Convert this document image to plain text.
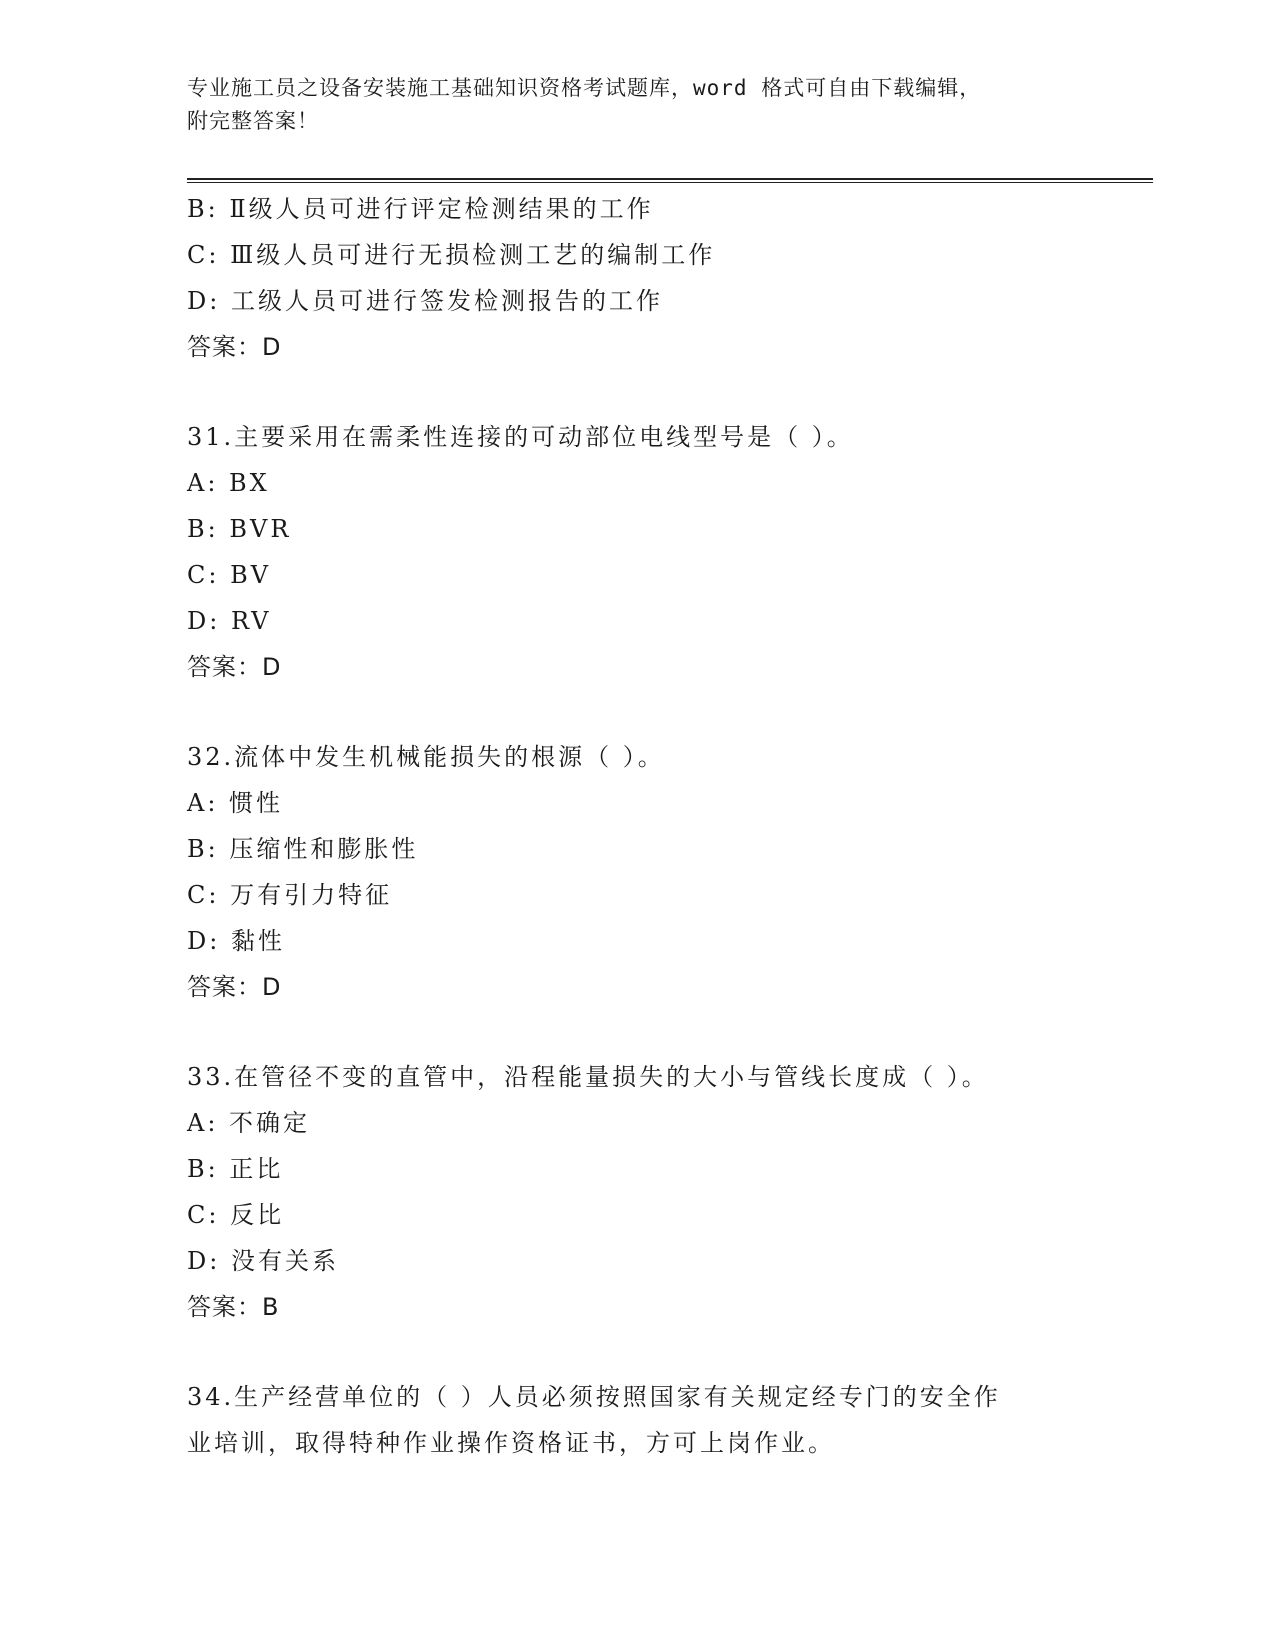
专业施工员之设备安装施工基础知识资格考试题库，word 格式可自由下载编辑，
附完整答案！
B: Ⅱ级人员可进行评定检测结果的工作
C: Ⅲ级人员可进行无损检测工艺的编制工作
D: 工级人员可进行签发检测报告的工作
答案：D
31.主要采用在需柔性连接的可动部位电线型号是（ ）。
A: BX
B: BVR
C: BV
D: RV
答案：D
32.流体中发生机械能损失的根源（ ）。
A: 惯性
B: 压缩性和膨胀性
C: 万有引力特征
D: 黏性
答案：D
33.在管径不变的直管中，沿程能量损失的大小与管线长度成（ ）。
A: 不确定
B: 正比
C: 反比
D: 没有关系
答案：B
34.生产经营单位的（ ）人员必须按照国家有关规定经专门的安全作
业培训，取得特种作业操作资格证书，方可上岗作业。
